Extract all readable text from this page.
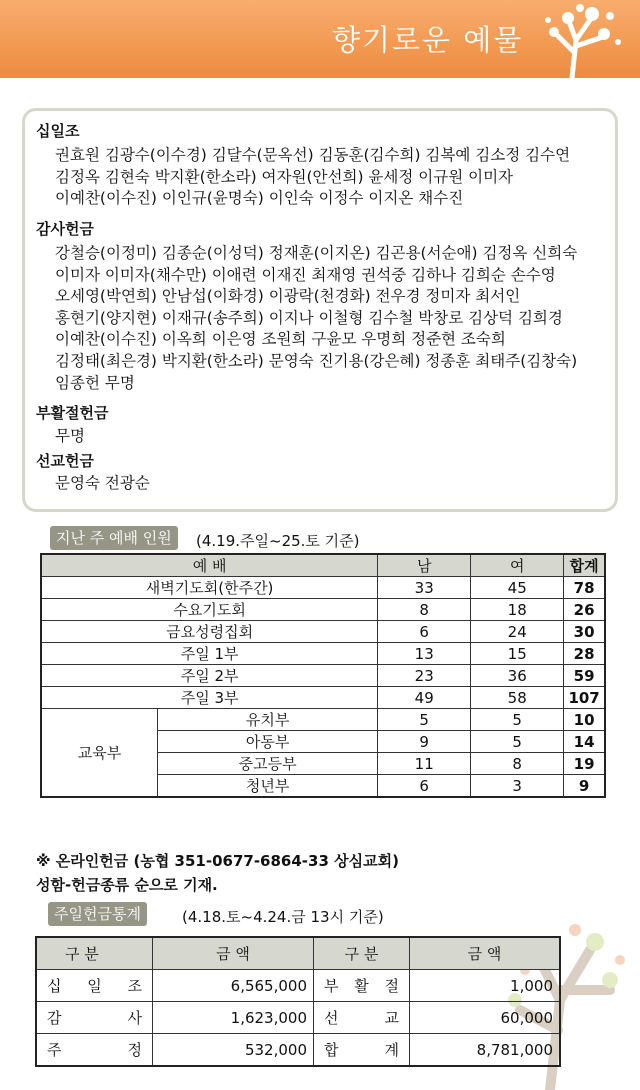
향기로운 예물
십일조
권효원 김광수(이수경) 김달수(문옥선) 김동훈(김수희) 김복예 김소정 김수연
김정옥 김현숙 박지환(한소라) 여자원(안선희) 윤세정 이규원 이미자
이예찬(이수진) 이인규(윤명숙) 이인숙 이정수 이지온 채수진
감사헌금
강철승(이정미) 김종순(이성덕) 정재훈(이지온) 김곤용(서순애) 김정옥 신희숙
이미자 이미자(채수만) 이애련 이재진 최재영 권석중 김하나 김희순 손수영
오세영(박연희) 안남섭(이화경) 이광락(천경화) 전우경 정미자 최서인
홍현기(양지현) 이재규(송주희) 이지나 이철형 김수철 박창로 김상덕 김희경
이예찬(이수진) 이옥희 이은영 조원희 구윤모 우명희 정준현 조숙희
김정태(최은경) 박지환(한소라) 문영숙 진기용(강은혜) 정종훈 최태주(김창숙)
임종헌 무명
부활절헌금
무명
선교헌금
문영숙 전광순
지난 주 예배 인원	(4.19.주일~25.토 기준)
예 배		남	여	합계
새벽기도회(한주간)		33	45	78
수요기도회		8	18	26
금요성령집회		6	24	30
주일 1부		13	15	28
주일 2부		23	36	59
주일 3부		49	58	107
교육부	유치부	5	5	10
	아동부	9	5	14
	중고등부	11	8	19
	청년부	6	3	9
※ 온라인헌금 (농협 351-0677-6864-33 상심교회)
성함-헌금종류 순으로 기재.
주일헌금통계	(4.18.토~4.24.금 13시 기준)
구 분	금 액	구 분	금 액

십 일 조	6,565,000	부 활 절	1,000

감 사	1,623,000	선 교	60,000

주 정	532,000	합 계	8,781,000
